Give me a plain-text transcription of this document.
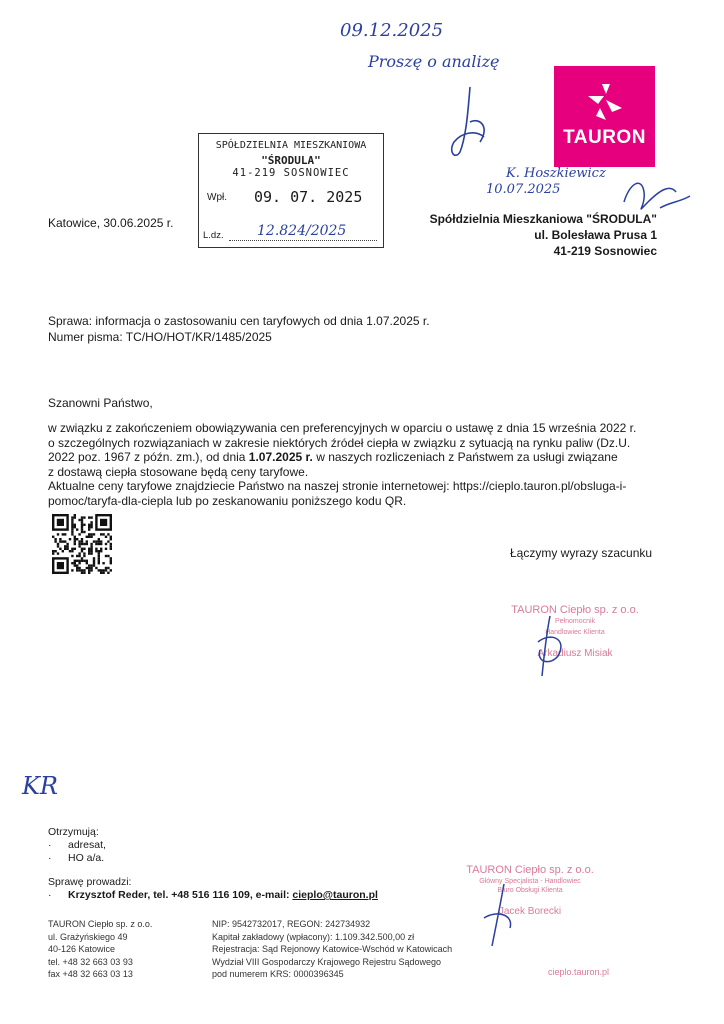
09.12.2025
Proszę o analizę
TAURON
K. Hoszkiewicz
10.07.2025
SPÓŁDZIELNIA MIESZKANIOWA
"ŚRODULA"
41-219 SOSNOWIEC
Wpł. 09. 07. 2025
L.dz. 12.824/2025
Katowice, 30.06.2025 r.	Spółdzielnia Mieszkaniowa "ŚRODULA"
ul. Bolesława Prusa 1
41-219 Sosnowiec
Sprawa: informacja o zastosowaniu cen taryfowych od dnia 1.07.2025 r.
Numer pisma: TC/HO/HOT/KR/1485/2025
Szanowni Państwo,
w związku z zakończeniem obowiązywania cen preferencyjnych w oparciu o ustawę z dnia 15 września 2022 r.
o szczególnych rozwiązaniach w zakresie niektórych źródeł ciepła w związku z sytuacją na rynku paliw (Dz.U.
2022 poz. 1967 z późn. zm.), od dnia 1.07.2025 r. w naszych rozliczeniach z Państwem za usługi związane
z dostawą ciepła stosowane będą ceny taryfowe.
Aktualne ceny taryfowe znajdziecie Państwo na naszej stronie internetowej: https://cieplo.tauron.pl/obsluga-i-
pomoc/taryfa-dla-ciepla lub po zeskanowaniu poniższego kodu QR.
Łączymy wyrazy szacunku
TAURON Ciepło sp. z o.o.
Pełnomocnik
Handlowiec Klienta
Arkadiusz Misiak
KR
Otrzymują:
· adresat,
· HO a/a.
Sprawę prowadzi:
· Krzysztof Reder, tel. +48 516 116 109, e-mail: cieplo@tauron.pl
TAURON Ciepło sp. z o.o.
Główny Specjalista - Handlowiec
Biuro Obsługi Klienta
Jacek Borecki
TAURON Ciepło sp. z o.o.
ul. Grażyńskiego 49
40-126 Katowice
tel. +48 32 663 03 93
fax +48 32 663 03 13
NIP: 9542732017, REGON: 242734932
Kapitał zakładowy (wpłacony): 1.109.342.500,00 zł
Rejestracja: Sąd Rejonowy Katowice-Wschód w Katowicach
Wydział VIII Gospodarczy Krajowego Rejestru Sądowego
pod numerem KRS: 0000396345	cieplo.tauron.pl
